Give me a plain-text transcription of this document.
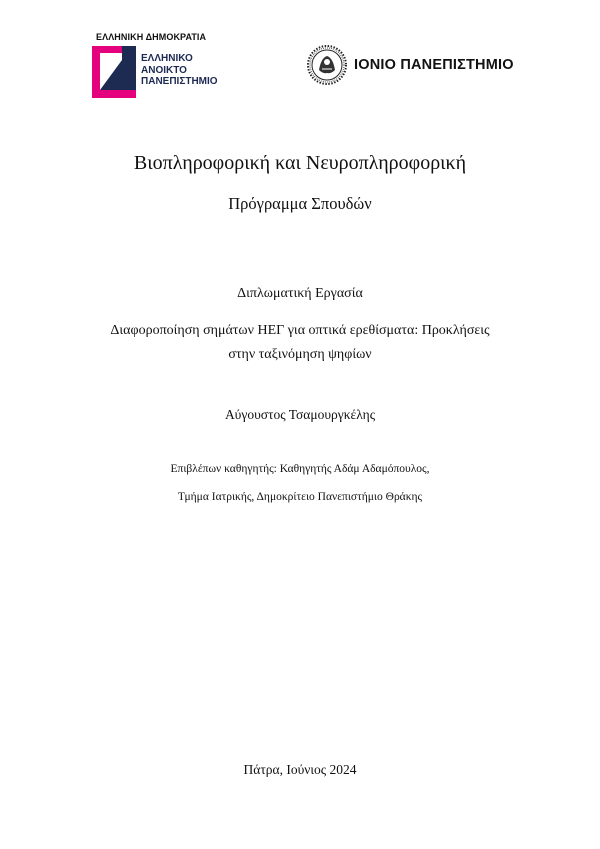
ΕΛΛΗΝΙΚΗ ΔΗΜΟΚΡΑΤΙΑ
ΕΛΛΗΝΙΚΟ
ΑΝΟΙΚΤΟ
ΠΑΝΕΠΙΣΤΗΜΙΟ
ΙΟΝΙΟ ΠΑΝΕΠΙΣΤΗΜΙΟ
Βιοπληροφορική και Νευροπληροφορική
Πρόγραμμα Σπουδών
Διπλωματική Εργασία
Διαφοροποίηση σημάτων ΗΕΓ για οπτικά ερεθίσματα: Προκλήσεις
στην ταξινόμηση ψηφίων
Αύγουστος Τσαμουργκέλης
Επιβλέπων καθηγητής: Καθηγητής Αδάμ Αδαμόπουλος,
Τμήμα Ιατρικής, Δημοκρίτειο Πανεπιστήμιο Θράκης
Πάτρα, Ιούνιος 2024
